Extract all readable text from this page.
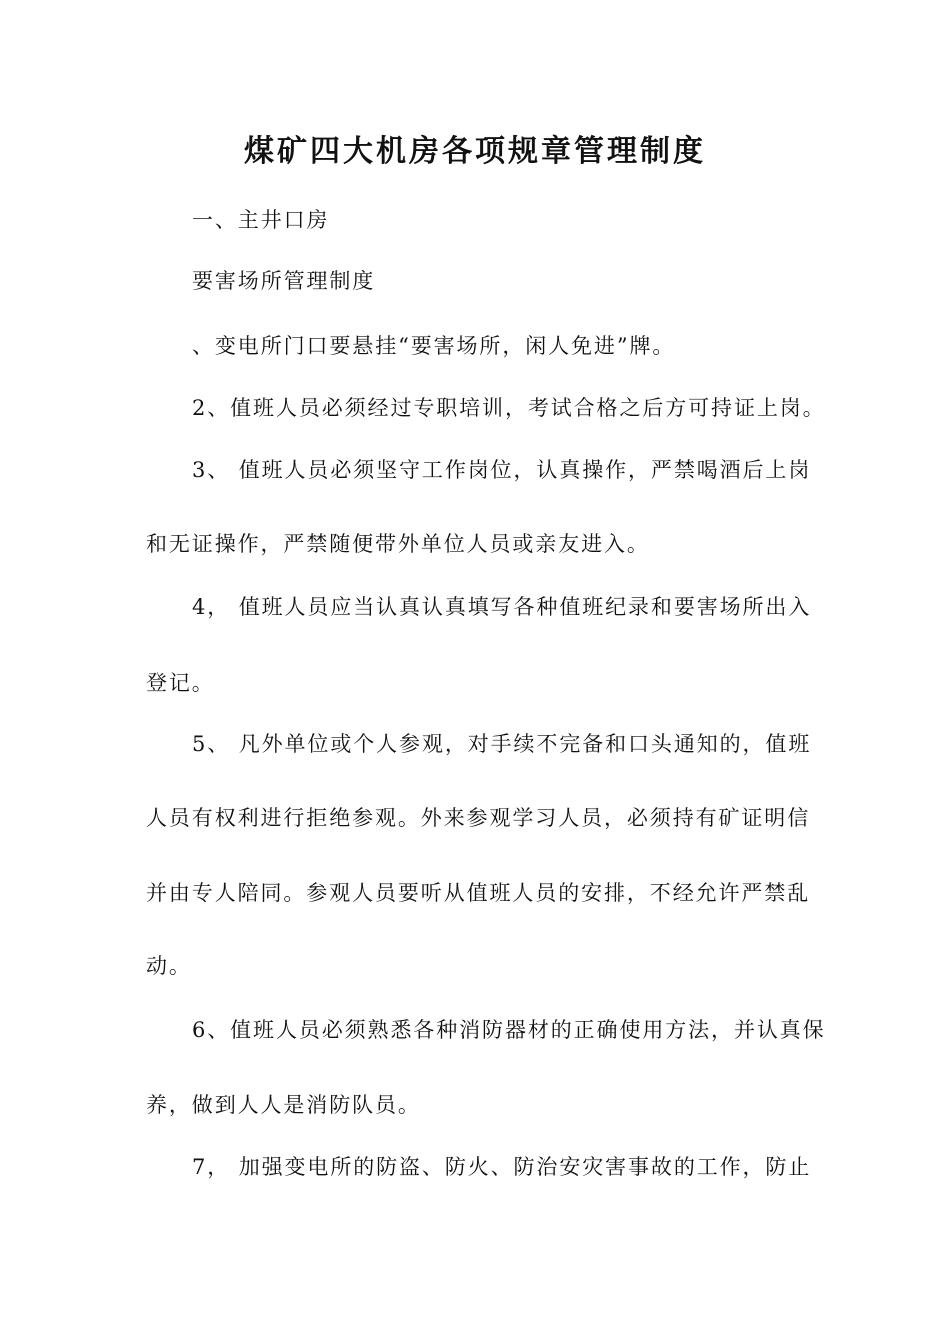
煤矿四大机房各项规章管理制度
一、主井口房
要害场所管理制度
、变电所门口要悬挂“要害场所，闲人免进”牌。
2、值班人员必须经过专职培训，考试合格之后方可持证上岗。
3、 值班人员必须坚守工作岗位，认真操作，严禁喝酒后上岗
和无证操作，严禁随便带外单位人员或亲友进入。
4， 值班人员应当认真认真填写各种值班纪录和要害场所出入
登记。
5、 凡外单位或个人参观，对手续不完备和口头通知的，值班
人员有权利进行拒绝参观。外来参观学习人员，必须持有矿证明信
并由专人陪同。参观人员要听从值班人员的安排，不经允许严禁乱
动。
6、值班人员必须熟悉各种消防器材的正确使用方法，并认真保
养，做到人人是消防队员。
7， 加强变电所的防盗、防火、防治安灾害事故的工作，防止
